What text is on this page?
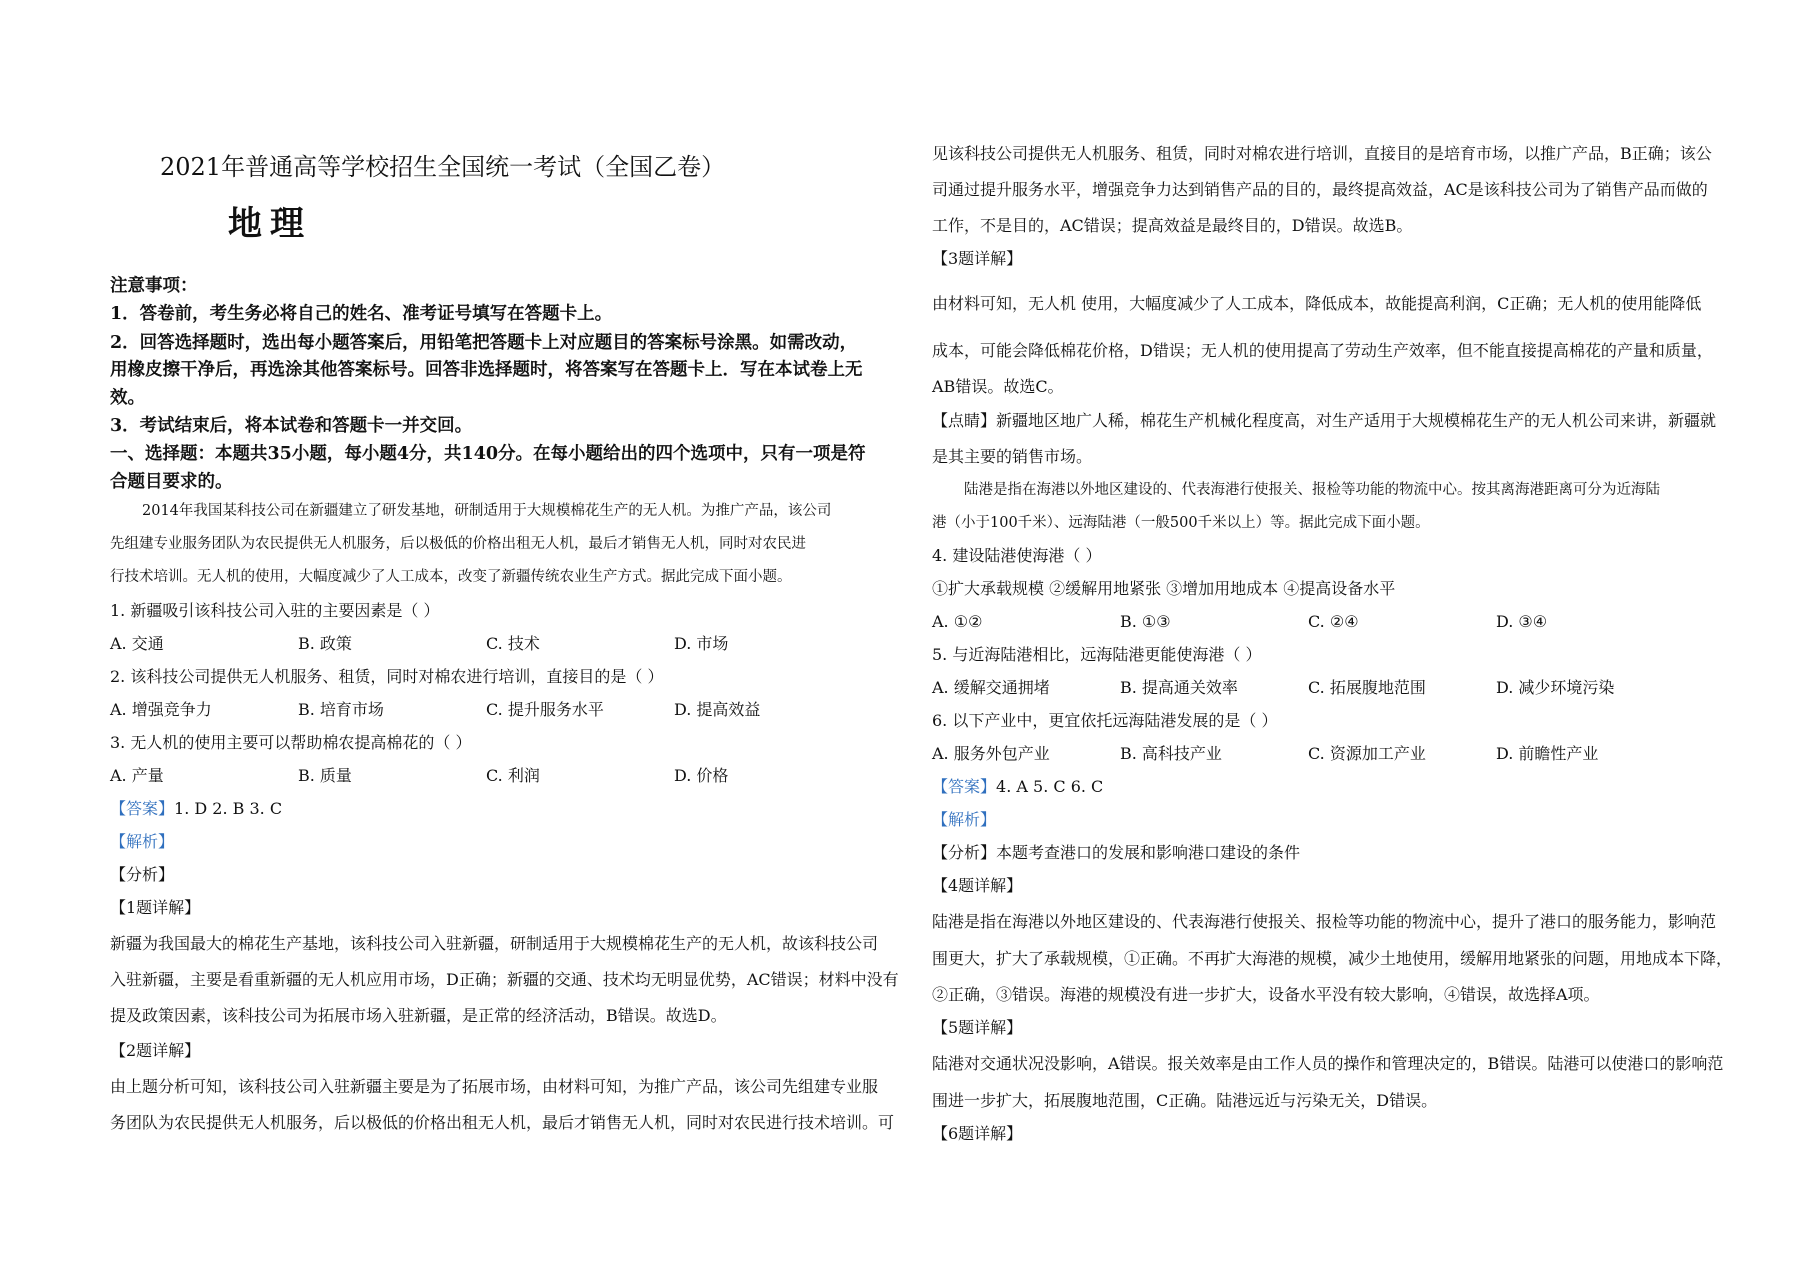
2021年普通高等学校招生全国统一考试（全国乙卷）
地理
注意事项：
1．答卷前，考生务必将自己的姓名、准考证号填写在答题卡上。
2．回答选择题时，选出每小题答案后，用铅笔把答题卡上对应题目的答案标号涂黑。如需改动，
用橡皮擦干净后，再选涂其他答案标号。回答非选择题时，将答案写在答题卡上．写在本试卷上无
效。
3．考试结束后，将本试卷和答题卡一并交回。
一、选择题：本题共35小题，每小题4分，共140分。在每小题给出的四个选项中，只有一项是符
合题目要求的。
2014年我国某科技公司在新疆建立了研发基地，研制适用于大规模棉花生产的无人机。为推广产品，该公司
先组建专业服务团队为农民提供无人机服务，后以极低的价格出租无人机，最后才销售无人机，同时对农民进
行技术培训。无人机的使用，大幅度减少了人工成本，改变了新疆传统农业生产方式。据此完成下面小题。
1. 新疆吸引该科技公司入驻的主要因素是（ ）
A. 交通	B. 政策	C. 技术	D. 市场
2. 该科技公司提供无人机服务、租赁，同时对棉农进行培训，直接目的是（ ）
A. 增强竞争力	B. 培育市场	C. 提升服务水平	D. 提高效益
3. 无人机的使用主要可以帮助棉农提高棉花的（ ）
A. 产量	B. 质量	C. 利润	D. 价格
【答案】1. D 2. B 3. C
【解析】
【分析】
【1题详解】
新疆为我国最大的棉花生产基地，该科技公司入驻新疆，研制适用于大规模棉花生产的无人机，故该科技公司
入驻新疆，主要是看重新疆的无人机应用市场，D正确；新疆的交通、技术均无明显优势，AC错误；材料中没有
提及政策因素，该科技公司为拓展市场入驻新疆，是正常的经济活动，B错误。故选D。
【2题详解】
由上题分析可知，该科技公司入驻新疆主要是为了拓展市场，由材料可知，为推广产品，该公司先组建专业服
务团队为农民提供无人机服务，后以极低的价格出租无人机，最后才销售无人机，同时对农民进行技术培训。可
见该科技公司提供无人机服务、租赁，同时对棉农进行培训，直接目的是培育市场，以推广产品，B正确；该公
司通过提升服务水平，增强竞争力达到销售产品的目的，最终提高效益，AC是该科技公司为了销售产品而做的
工作，不是目的，AC错误；提高效益是最终目的，D错误。故选B。
【3题详解】
由材料可知，无人机 使用，大幅度减少了人工成本，降低成本，故能提高利润，C正确；无人机的使用能降低
成本，可能会降低棉花价格，D错误；无人机的使用提高了劳动生产效率，但不能直接提高棉花的产量和质量，
AB错误。故选C。
【点睛】新疆地区地广人稀，棉花生产机械化程度高，对生产适用于大规模棉花生产的无人机公司来讲，新疆就
是其主要的销售市场。
陆港是指在海港以外地区建设的、代表海港行使报关、报检等功能的物流中心。按其离海港距离可分为近海陆
港（小于100千米）、远海陆港（一般500千米以上）等。据此完成下面小题。
4. 建设陆港使海港（ ）
①扩大承载规模 ②缓解用地紧张 ③增加用地成本 ④提高设备水平
A. ①②	B. ①③	C. ②④	D. ③④
5. 与近海陆港相比，远海陆港更能使海港（ ）
A. 缓解交通拥堵	B. 提高通关效率	C. 拓展腹地范围	D. 减少环境污染
6. 以下产业中，更宜依托远海陆港发展的是（ ）
A. 服务外包产业	B. 高科技产业	C. 资源加工产业	D. 前瞻性产业
【答案】4. A 5. C 6. C
【解析】
【分析】本题考查港口的发展和影响港口建设的条件
【4题详解】
陆港是指在海港以外地区建设的、代表海港行使报关、报检等功能的物流中心，提升了港口的服务能力，影响范
围更大，扩大了承载规模，①正确。不再扩大海港的规模，减少土地使用，缓解用地紧张的问题，用地成本下降，
②正确，③错误。海港的规模没有进一步扩大，设备水平没有较大影响，④错误，故选择A项。
【5题详解】
陆港对交通状况没影响，A错误。报关效率是由工作人员的操作和管理决定的，B错误。陆港可以使港口的影响范
围进一步扩大，拓展腹地范围，C正确。陆港远近与污染无关，D错误。
【6题详解】
